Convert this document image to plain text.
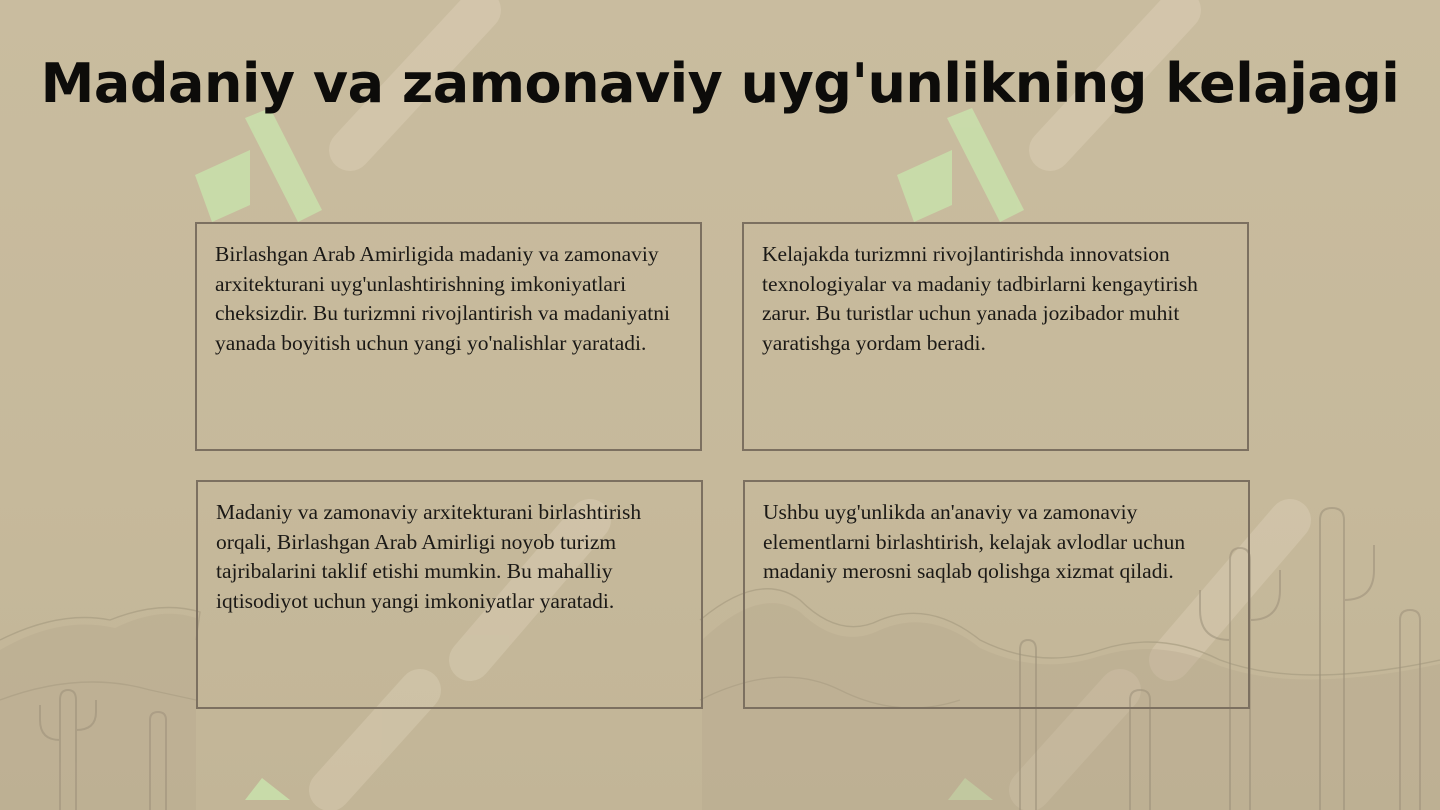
Madaniy va zamonaviy uyg'unlikning kelajagi
Birlashgan Arab Amirligida madaniy va zamonaviy arxitekturani uyg'unlashtirishning imkoniyatlari cheksizdir. Bu turizmni rivojlantirish va madaniyatni yanada boyitish uchun yangi yo'nalishlar yaratadi.
Kelajakda turizmni rivojlantirishda innovatsion texnologiyalar va madaniy tadbirlarni kengaytirish zarur. Bu turistlar uchun yanada jozibador muhit yaratishga yordam beradi.
Madaniy va zamonaviy arxitekturani birlashtirish orqali, Birlashgan Arab Amirligi noyob turizm tajribalarini taklif etishi mumkin. Bu mahalliy iqtisodiyot uchun yangi imkoniyatlar yaratadi.
Ushbu uyg'unlikda an'anaviy va zamonaviy elementlarni birlashtirish, kelajak avlodlar uchun madaniy merosni saqlab qolishga xizmat qiladi.
